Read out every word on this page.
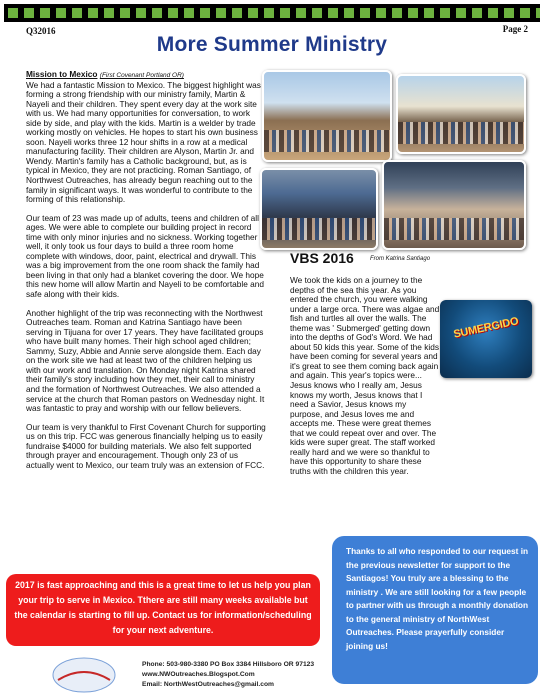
Q32016	Page 2
More Summer Ministry

Mission to Mexico (First Covenant Portland OR)
We had a fantastic Mission to Mexico. The biggest highlight was forming a strong friendship with our ministry family, Martin & Nayeli and their children. They spent every day at the work site with us. We had many opportunities for conversation, to work side by side, and play with the kids. Martin is a welder by trade working mostly on vehicles. He hopes to start his own business soon. Nayeli works three 12 hour shifts in a row at a medical manufacturing facility. Their children are Alyson, Martin Jr. and Wendy. Martin's family has a Catholic background, but, as is typical in Mexico, they are not practicing. Roman Santiago, of Northwest Outreaches, has already begun reaching out to the family in significant ways. It was wonderful to contribute to the forming of this relationship.

Our team of 23 was made up of adults, teens and children of all ages. We were able to complete our building project in record time with only minor injuries and no sickness. Working together well, it only took us four days to build a three room home complete with windows, door, paint, electrical and drywall. This was a big improvement from the one room shack the family had been living in that only had a blanket covering the door. We hope this new home will allow Martin and Nayeli to be comfortable and safe along with their kids.

Another highlight of the trip was reconnecting with the Northwest Outreaches team. Roman and Katrina Santiago have been serving in Tijuana for over 17 years. They have facilitated groups who have built many homes. Their high school aged children; Sammy, Suzy, Abbie and Annie serve alongside them. Each day on the work site we had at least two of the children helping us with our work and translation. On Monday night Katrina shared their family's story including how they met, their call to ministry and the formation of Northwest Outreaches. We also attended a service at the church that Roman pastors on Wednesday night. It was fantastic to pray and worship with our fellow believers.

Our team is very thankful to First Covenant Church for supporting us on this trip. FCC was generous financially helping us to easily fundraise $4000 for building materials. We also felt supported through prayer and encouragement. Though only 23 of us actually went to Mexico, our team truly was an extension of FCC.

VBS 2016	From Katrina Santiago
We took the kids on a journey to the depths of the sea this year. As you entered the church, you were walking under a large orca. There was algae and fish and turtles all over the walls. The theme was ' Submerged' getting down into the depths of God's Word. We had about 50 kids this year. Some of the kids have been coming for several years and it's great to see them coming back again and again. This year's topics were... Jesus knows who I really am, Jesus knows my worth, Jesus knows that I need a Savior, Jesus knows my purpose, and Jesus loves me and accepts me. These were great themes that we could repeat over and over. The kids were super great. The staff worked really hard and we were so thankful to have this opportunity to share these truths with the children this year.
SUMERGIDO
2017 is fast approaching and this is a great time to let us help you plan your trip to serve in Mexico. Tthere are still many weeks available but the calendar is starting to fill up. Contact us for information/scheduling for your next adventure.
Thanks to all who responded to our request in the previous newsletter for support to the Santiagos! You truly are a blessing to the ministry . We are still looking for a few people to partner with us through a monthly donation to the general ministry of NorthWest Outreaches. Please prayerfully consider joining us!
Phone: 503-980-3380 PO Box 3384 Hillsboro OR 97123
www.NWOutreaches.Blogspot.Com
Email: NorthWestOutreaches@gmail.com
